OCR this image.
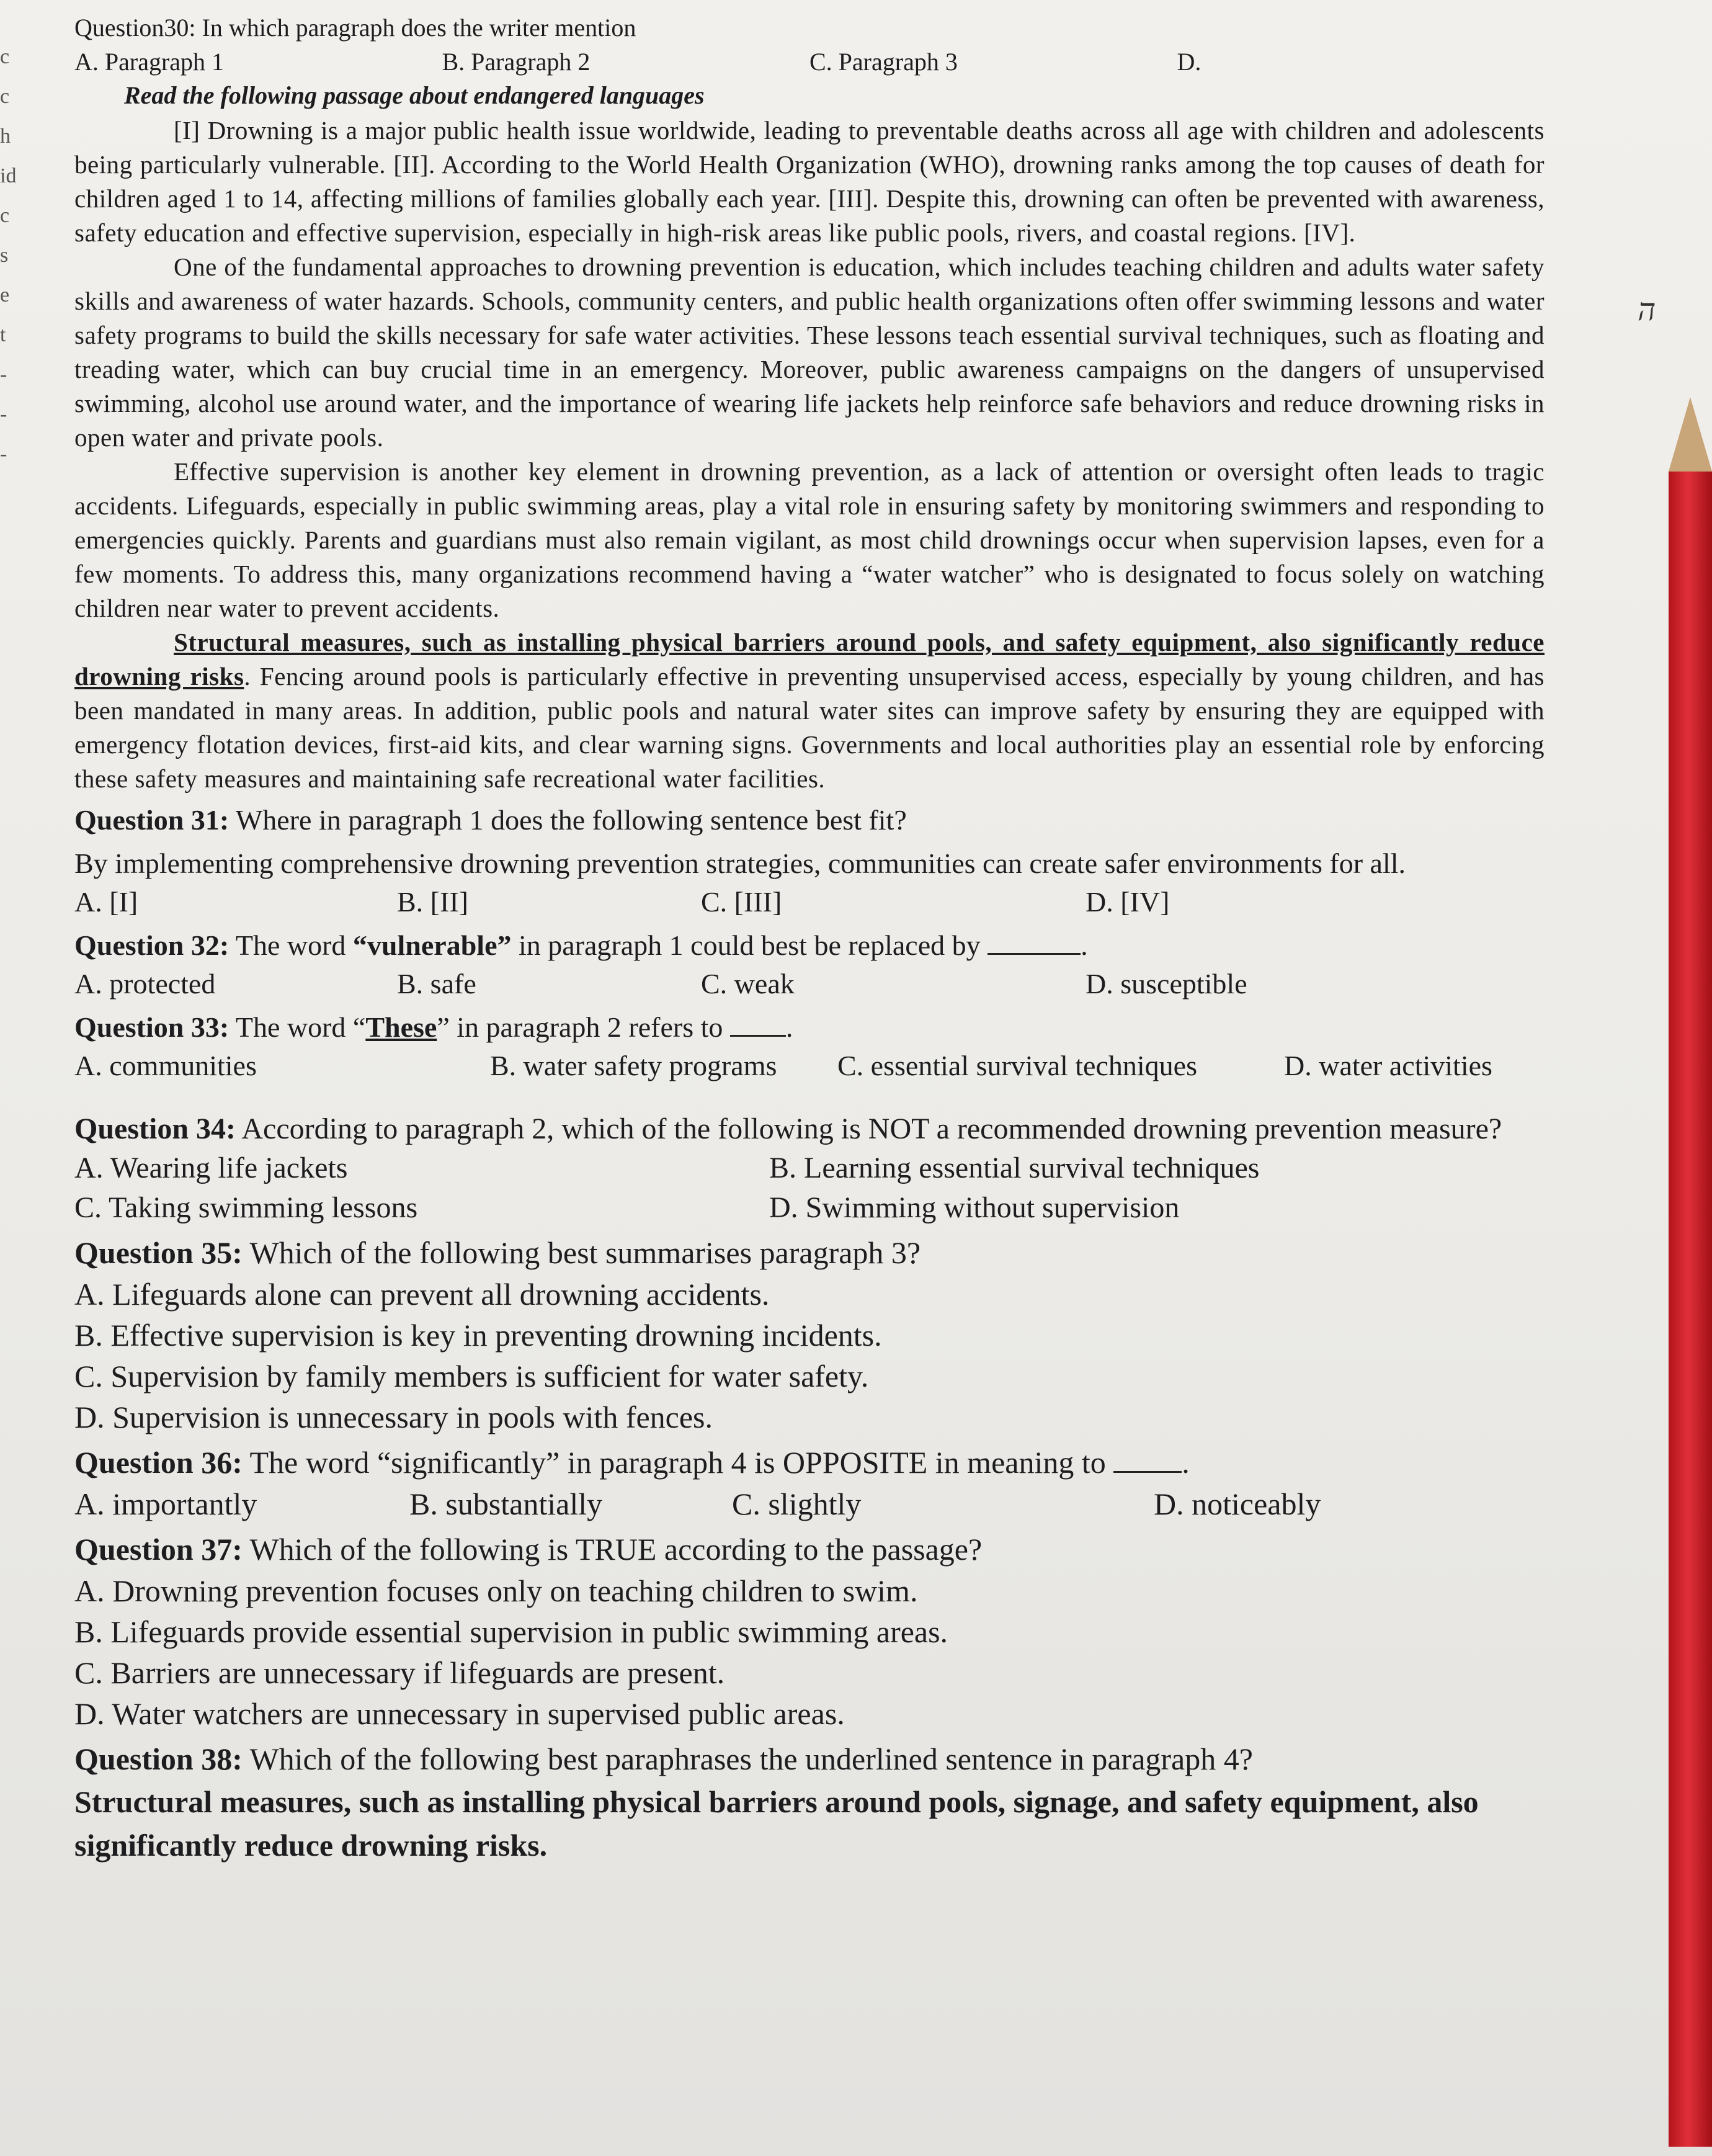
c
c
h
id
c
s
e
t
-
-
-
ה
Question30: In which paragraph does the writer mention
A. Paragraph 1	B. Paragraph 2	C. Paragraph 3	D.
Read the following passage about endangered languages

[I] Drowning is a major public health issue worldwide, leading to preventable deaths across all age with children and adolescents being particularly vulnerable. [II]. According to the World Health Organization (WHO), drowning ranks among the top causes of death for children aged 1 to 14, affecting millions of families globally each year. [III]. Despite this, drowning can often be prevented with awareness, safety education and effective supervision, especially in high-risk areas like public pools, rivers, and coastal regions. [IV].

One of the fundamental approaches to drowning prevention is education, which includes teaching children and adults water safety skills and awareness of water hazards. Schools, community centers, and public health organizations often offer swimming lessons and water safety programs to build the skills necessary for safe water activities. These lessons teach essential survival techniques, such as floating and treading water, which can buy crucial time in an emergency. Moreover, public awareness campaigns on the dangers of unsupervised swimming, alcohol use around water, and the importance of wearing life jackets help reinforce safe behaviors and reduce drowning risks in open water and private pools.

Effective supervision is another key element in drowning prevention, as a lack of attention or oversight often leads to tragic accidents. Lifeguards, especially in public swimming areas, play a vital role in ensuring safety by monitoring swimmers and responding to emergencies quickly. Parents and guardians must also remain vigilant, as most child drownings occur when supervision lapses, even for a few moments. To address this, many organizations recommend having a “water watcher” who is designated to focus solely on watching children near water to prevent accidents.

Structural measures, such as installing physical barriers around pools, and safety equipment, also significantly reduce drowning risks. Fencing around pools is particularly effective in preventing unsupervised access, especially by young children, and has been mandated in many areas. In addition, public pools and natural water sites can improve safety by ensuring they are equipped with emergency flotation devices, first-aid kits, and clear warning signs. Governments and local authorities play an essential role by enforcing these safety measures and maintaining safe recreational water facilities.

Question 31: Where in paragraph 1 does the following sentence best fit?
By implementing comprehensive drowning prevention strategies, communities can create safer environments for all.
A. [I]	B. [II]	C. [III]	D. [IV]
Question 32: The word “vulnerable” in paragraph 1 could best be replaced by	.
A. protected	B. safe	C. weak	D. susceptible
Question 33: The word “These” in paragraph 2 refers to .
A. communities	B. water safety programs	C. essential survival techniques	D. water activities
Question 34: According to paragraph 2, which of the following is NOT a recommended drowning prevention measure?
A. Wearing life jackets	B. Learning essential survival techniques
C. Taking swimming lessons	D. Swimming without supervision
Question 35: Which of the following best summarises paragraph 3?
A. Lifeguards alone can prevent all drowning accidents.
B. Effective supervision is key in preventing drowning incidents.
C. Supervision by family members is sufficient for water safety.
D. Supervision is unnecessary in pools with fences.
Question 36: The word “significantly” in paragraph 4 is OPPOSITE in meaning to .
A. importantly	B. substantially	C. slightly	D. noticeably
Question 37: Which of the following is TRUE according to the passage?
A. Drowning prevention focuses only on teaching children to swim.
B. Lifeguards provide essential supervision in public swimming areas.
C. Barriers are unnecessary if lifeguards are present.
D. Water watchers are unnecessary in supervised public areas.
Question 38: Which of the following best paraphrases the underlined sentence in paragraph 4?
Structural measures, such as installing physical barriers around pools, signage, and safety equipment, also significantly reduce drowning risks.
